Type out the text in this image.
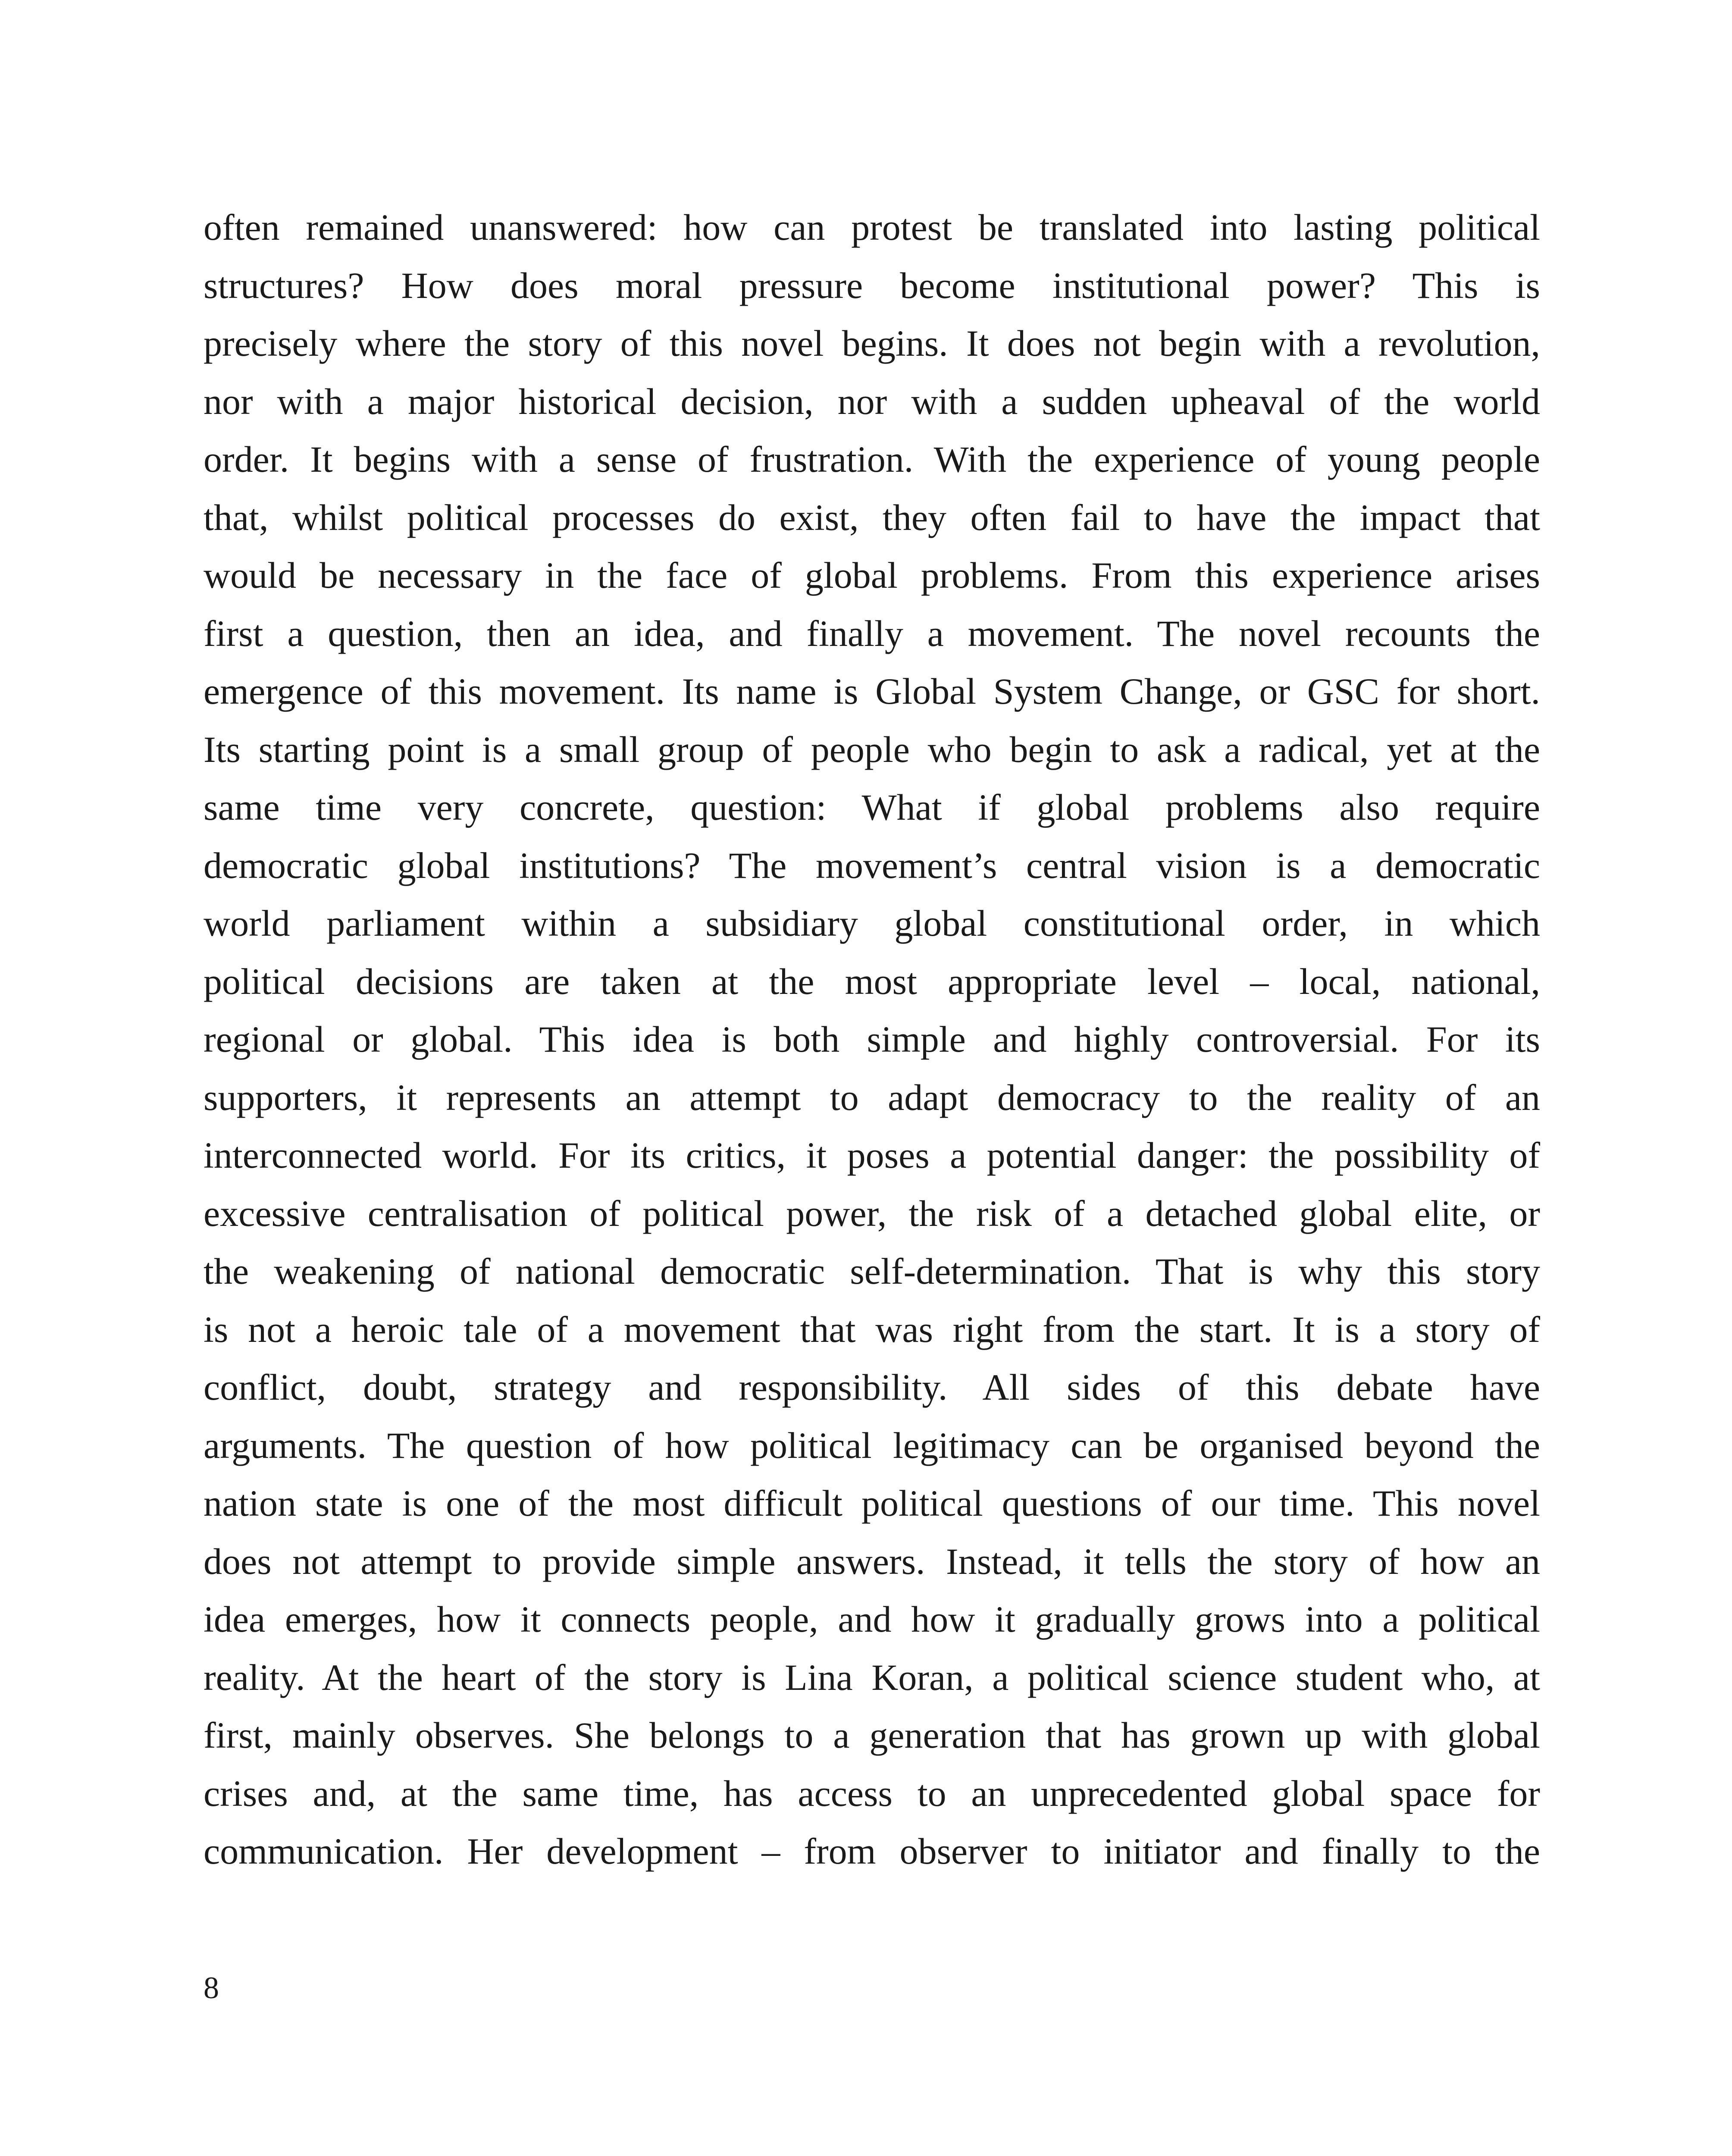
often remained unanswered: how can protest be translated into lasting political
structures? How does moral pressure become institutional power? This is
precisely where the story of this novel begins. It does not begin with a revolution,
nor with a major historical decision, nor with a sudden upheaval of the world
order. It begins with a sense of frustration. With the experience of young people
that, whilst political processes do exist, they often fail to have the impact that
would be necessary in the face of global problems. From this experience arises
first a question, then an idea, and finally a movement. The novel recounts the
emergence of this movement. Its name is Global System Change, or GSC for short.
Its starting point is a small group of people who begin to ask a radical, yet at the
same time very concrete, question: What if global problems also require
democratic global institutions? The movement’s central vision is a democratic
world parliament within a subsidiary global constitutional order, in which
political decisions are taken at the most appropriate level – local, national,
regional or global. This idea is both simple and highly controversial. For its
supporters, it represents an attempt to adapt democracy to the reality of an
interconnected world. For its critics, it poses a potential danger: the possibility of
excessive centralisation of political power, the risk of a detached global elite, or
the weakening of national democratic self-determination. That is why this story
is not a heroic tale of a movement that was right from the start. It is a story of
conflict, doubt, strategy and responsibility. All sides of this debate have
arguments. The question of how political legitimacy can be organised beyond the
nation state is one of the most difficult political questions of our time. This novel
does not attempt to provide simple answers. Instead, it tells the story of how an
idea emerges, how it connects people, and how it gradually grows into a political
reality. At the heart of the story is Lina Koran, a political science student who, at
first, mainly observes. She belongs to a generation that has grown up with global
crises and, at the same time, has access to an unprecedented global space for
communication. Her development – from observer to initiator and finally to the
8
